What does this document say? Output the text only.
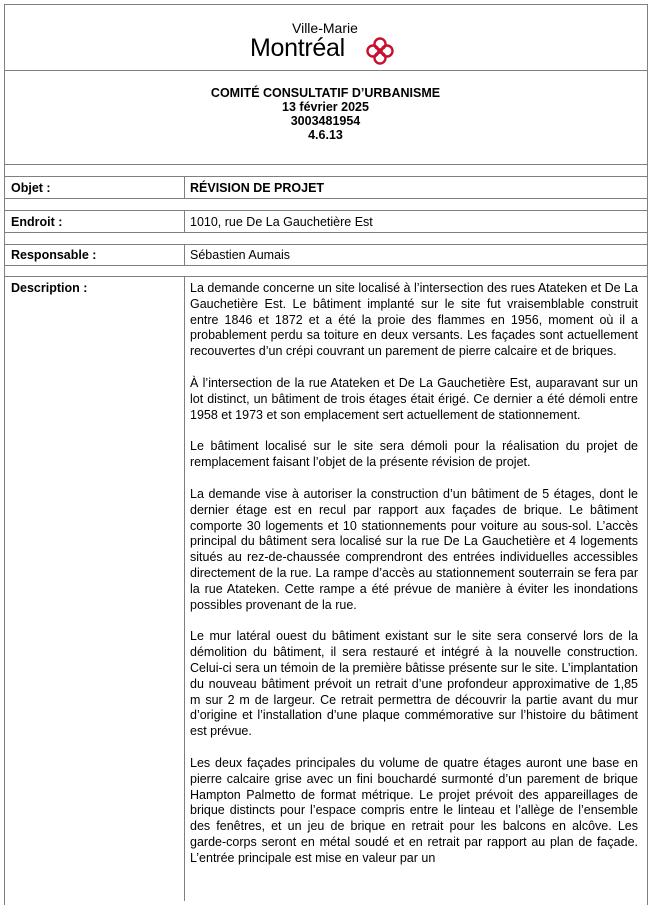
Ville-Marie
Montréal
COMITÉ CONSULTATIF D’URBANISME
13 février 2025
3003481954
4.6.13
Objet :	RÉVISION DE PROJET
Endroit :	1010, rue De La Gauchetière Est
Responsable :	Sébastien Aumais
Description :	La demande concerne un site localisé à l’intersection des rues Atateken et De La Gauchetière Est. Le bâtiment implanté sur le site fut vraisemblable construit entre 1846 et 1872 et a été la proie des flammes en 1956, moment où il a probablement perdu sa toiture en deux versants. Les façades sont actuellement recouvertes d’un crépi couvrant un parement de pierre calcaire et de briques.

À l’intersection de la rue Atateken et De La Gauchetière Est, auparavant sur un lot distinct, un bâtiment de trois étages était érigé. Ce dernier a été démoli entre 1958 et 1973 et son emplacement sert actuellement de stationnement.

Le bâtiment localisé sur le site sera démoli pour la réalisation du projet de remplacement faisant l’objet de la présente révision de projet.

La demande vise à autoriser la construction d’un bâtiment de 5 étages, dont le dernier étage est en recul par rapport aux façades de brique. Le bâtiment comporte 30 logements et 10 stationnements pour voiture au sous-sol. L’accès principal du bâtiment sera localisé sur la rue De La Gauchetière et 4 logements situés au rez-de-chaussée comprendront des entrées individuelles accessibles directement de la rue. La rampe d’accès au stationnement souterrain se fera par la rue Atateken. Cette rampe a été prévue de manière à éviter les inondations possibles provenant de la rue.

Le mur latéral ouest du bâtiment existant sur le site sera conservé lors de la démolition du bâtiment, il sera restauré et intégré à la nouvelle construction. Celui-ci sera un témoin de la première bâtisse présente sur le site. L’implantation du nouveau bâtiment prévoit un retrait d’une profondeur approximative de 1,85 m sur 2 m de largeur. Ce retrait permettra de découvrir la partie avant du mur d’origine et l’installation d’une plaque commémorative sur l’histoire du bâtiment est prévue.

Les deux façades principales du volume de quatre étages auront une base en pierre calcaire grise avec un fini bouchardé surmonté d’un parement de brique Hampton Palmetto de format métrique. Le projet prévoit des appareillages de brique distincts pour l’espace compris entre le linteau et l’allège de l’ensemble des fenêtres, et un jeu de brique en retrait pour les balcons en alcôve. Les garde-corps seront en métal soudé et en retrait par rapport au plan de façade. L’entrée principale est mise en valeur par un
